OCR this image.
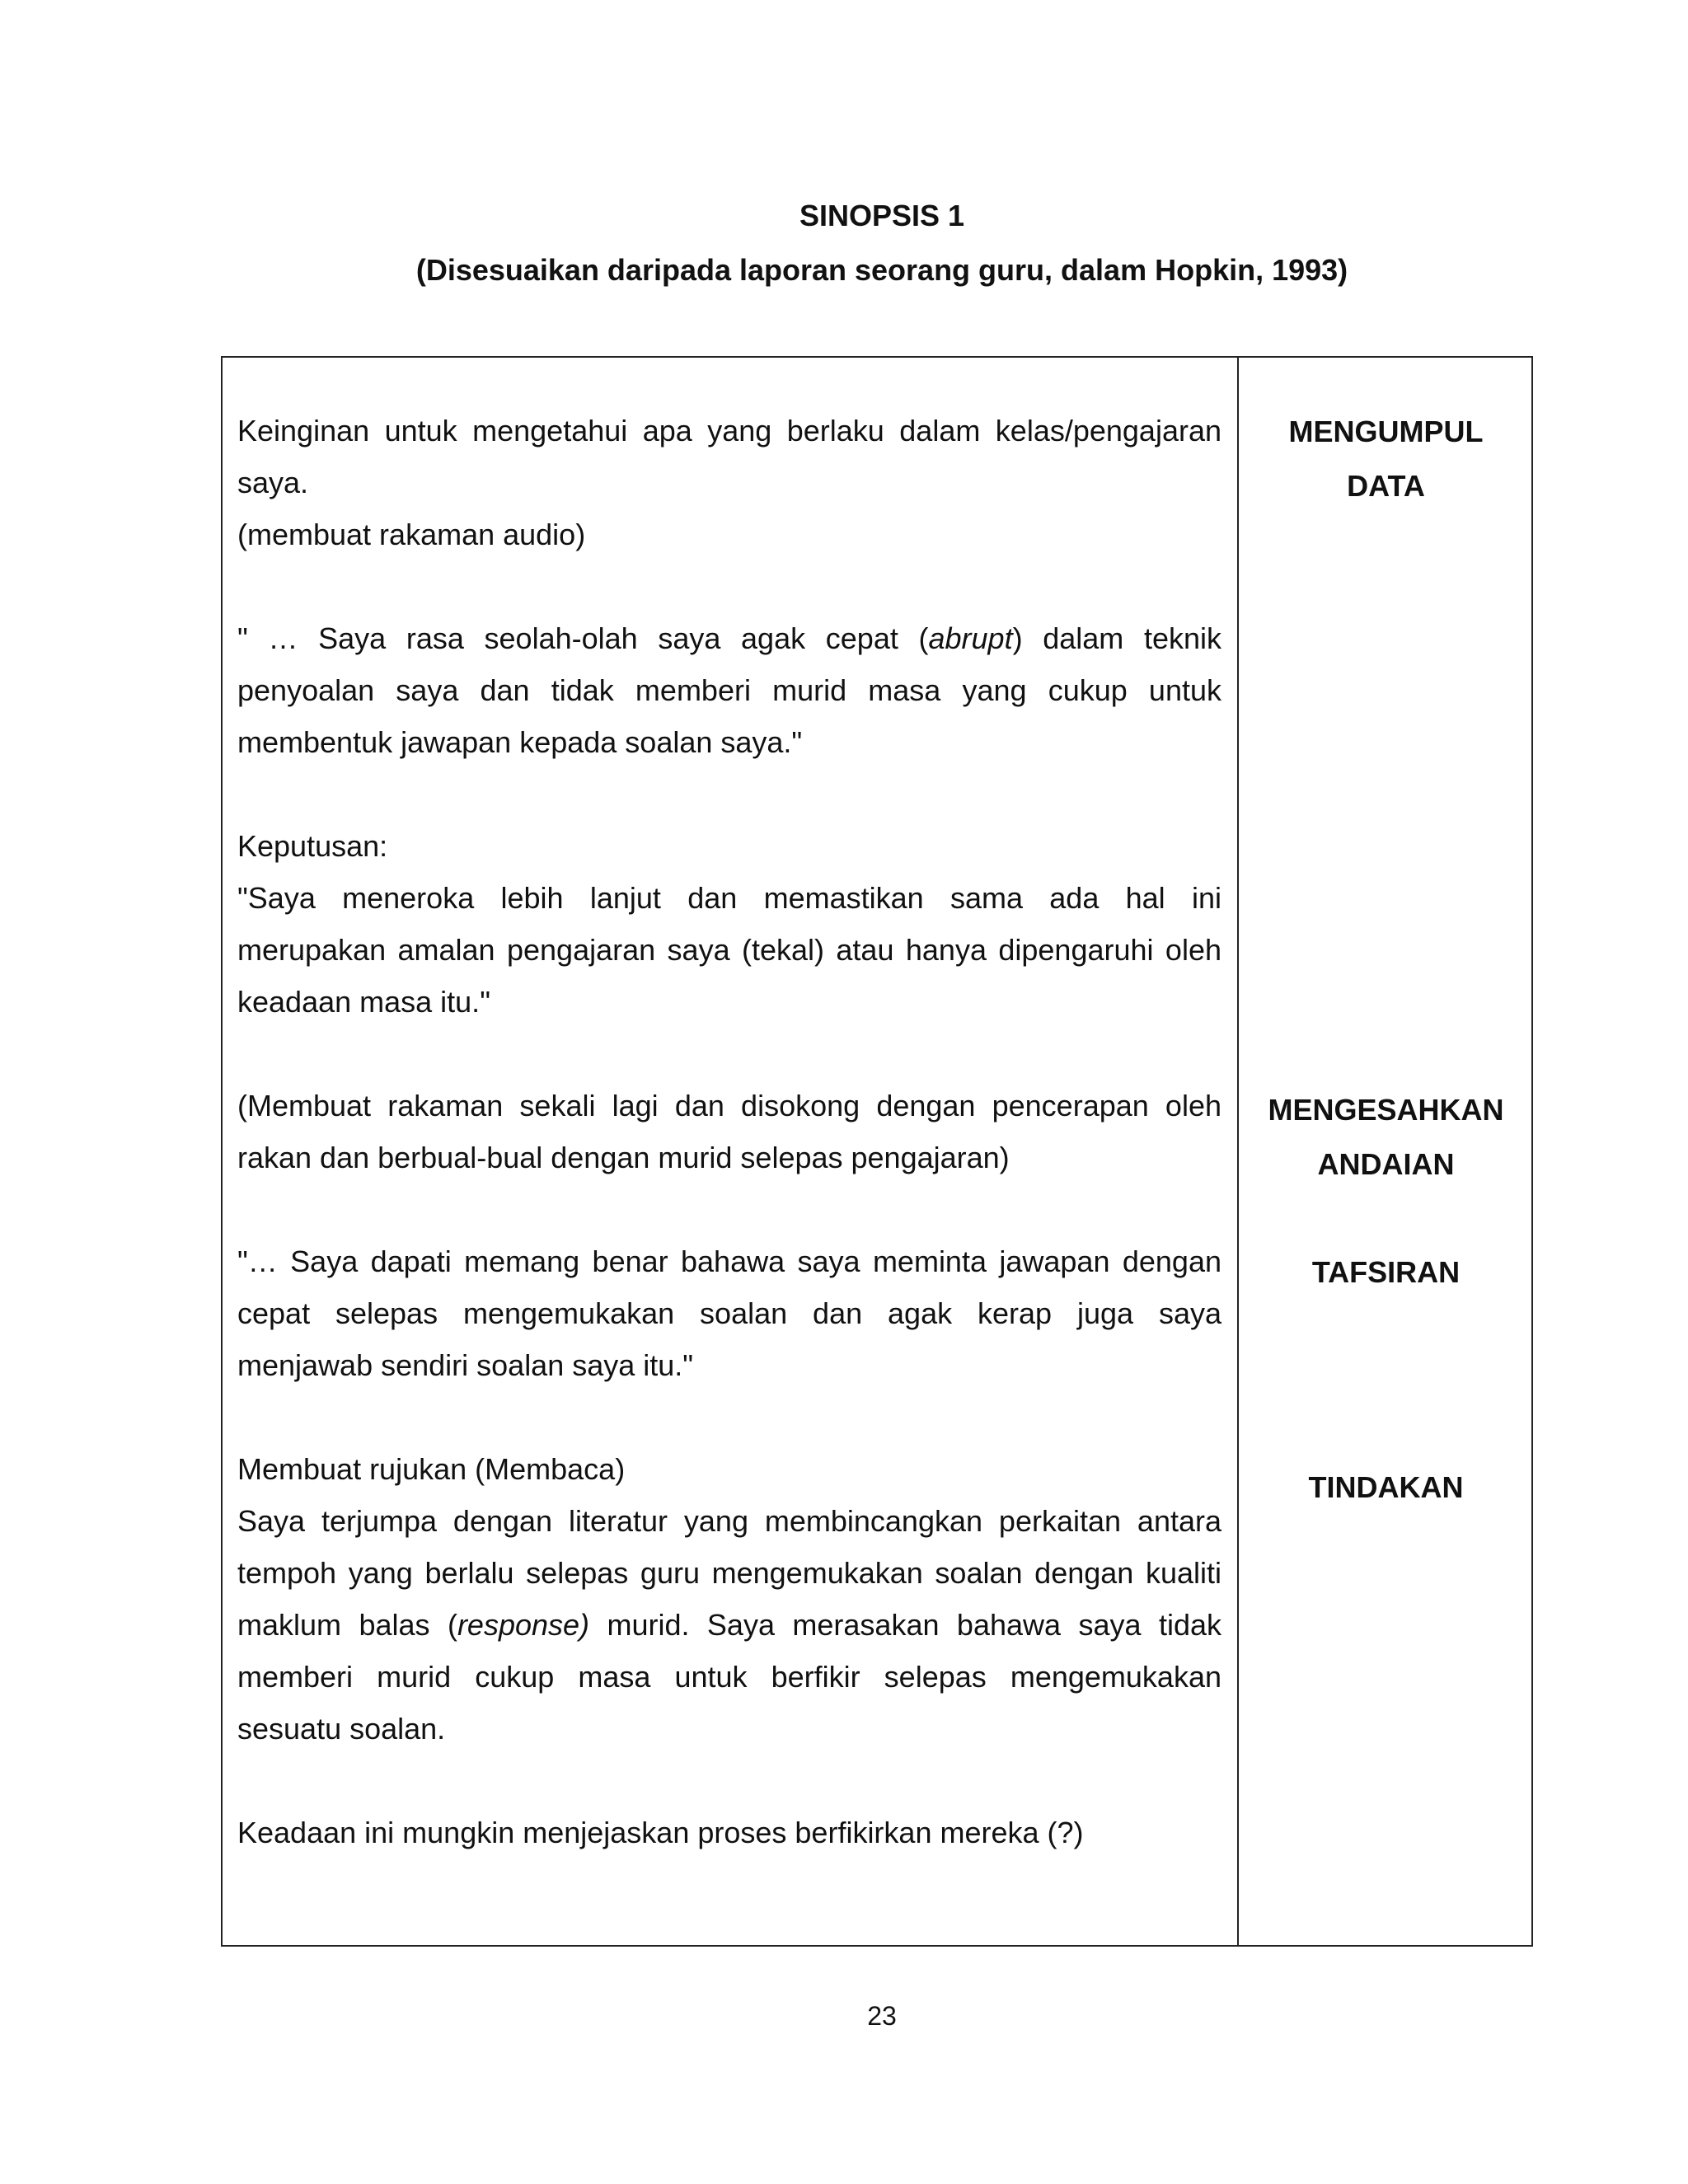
SINOPSIS 1
(Disesuaikan daripada laporan seorang guru, dalam Hopkin, 1993)
Keinginan untuk mengetahui apa yang berlaku dalam kelas/pengajaran
saya.
(membuat rakaman audio)
" … Saya rasa seolah-olah saya agak cepat (abrupt) dalam teknik
penyoalan saya dan tidak memberi murid masa yang cukup untuk
membentuk jawapan kepada soalan saya."
Keputusan:
"Saya meneroka lebih lanjut dan memastikan sama ada hal ini
merupakan amalan pengajaran saya (tekal) atau hanya dipengaruhi oleh
keadaan masa itu."
(Membuat rakaman sekali lagi dan disokong dengan pencerapan oleh
rakan dan berbual-bual dengan murid selepas pengajaran)
"… Saya dapati memang benar bahawa saya meminta jawapan dengan
cepat selepas mengemukakan soalan dan agak kerap juga saya
menjawab sendiri soalan saya itu."
Membuat rujukan (Membaca)
Saya terjumpa dengan literatur yang membincangkan perkaitan antara
tempoh yang berlalu selepas guru mengemukakan soalan dengan kualiti
maklum balas (response) murid. Saya merasakan bahawa saya tidak
memberi murid cukup masa untuk berfikir selepas mengemukakan
sesuatu soalan.
Keadaan ini mungkin menjejaskan proses berfikirkan mereka (?)
MENGUMPUL
DATA
MENGESAHKAN
ANDAIAN
TAFSIRAN
TINDAKAN
23
